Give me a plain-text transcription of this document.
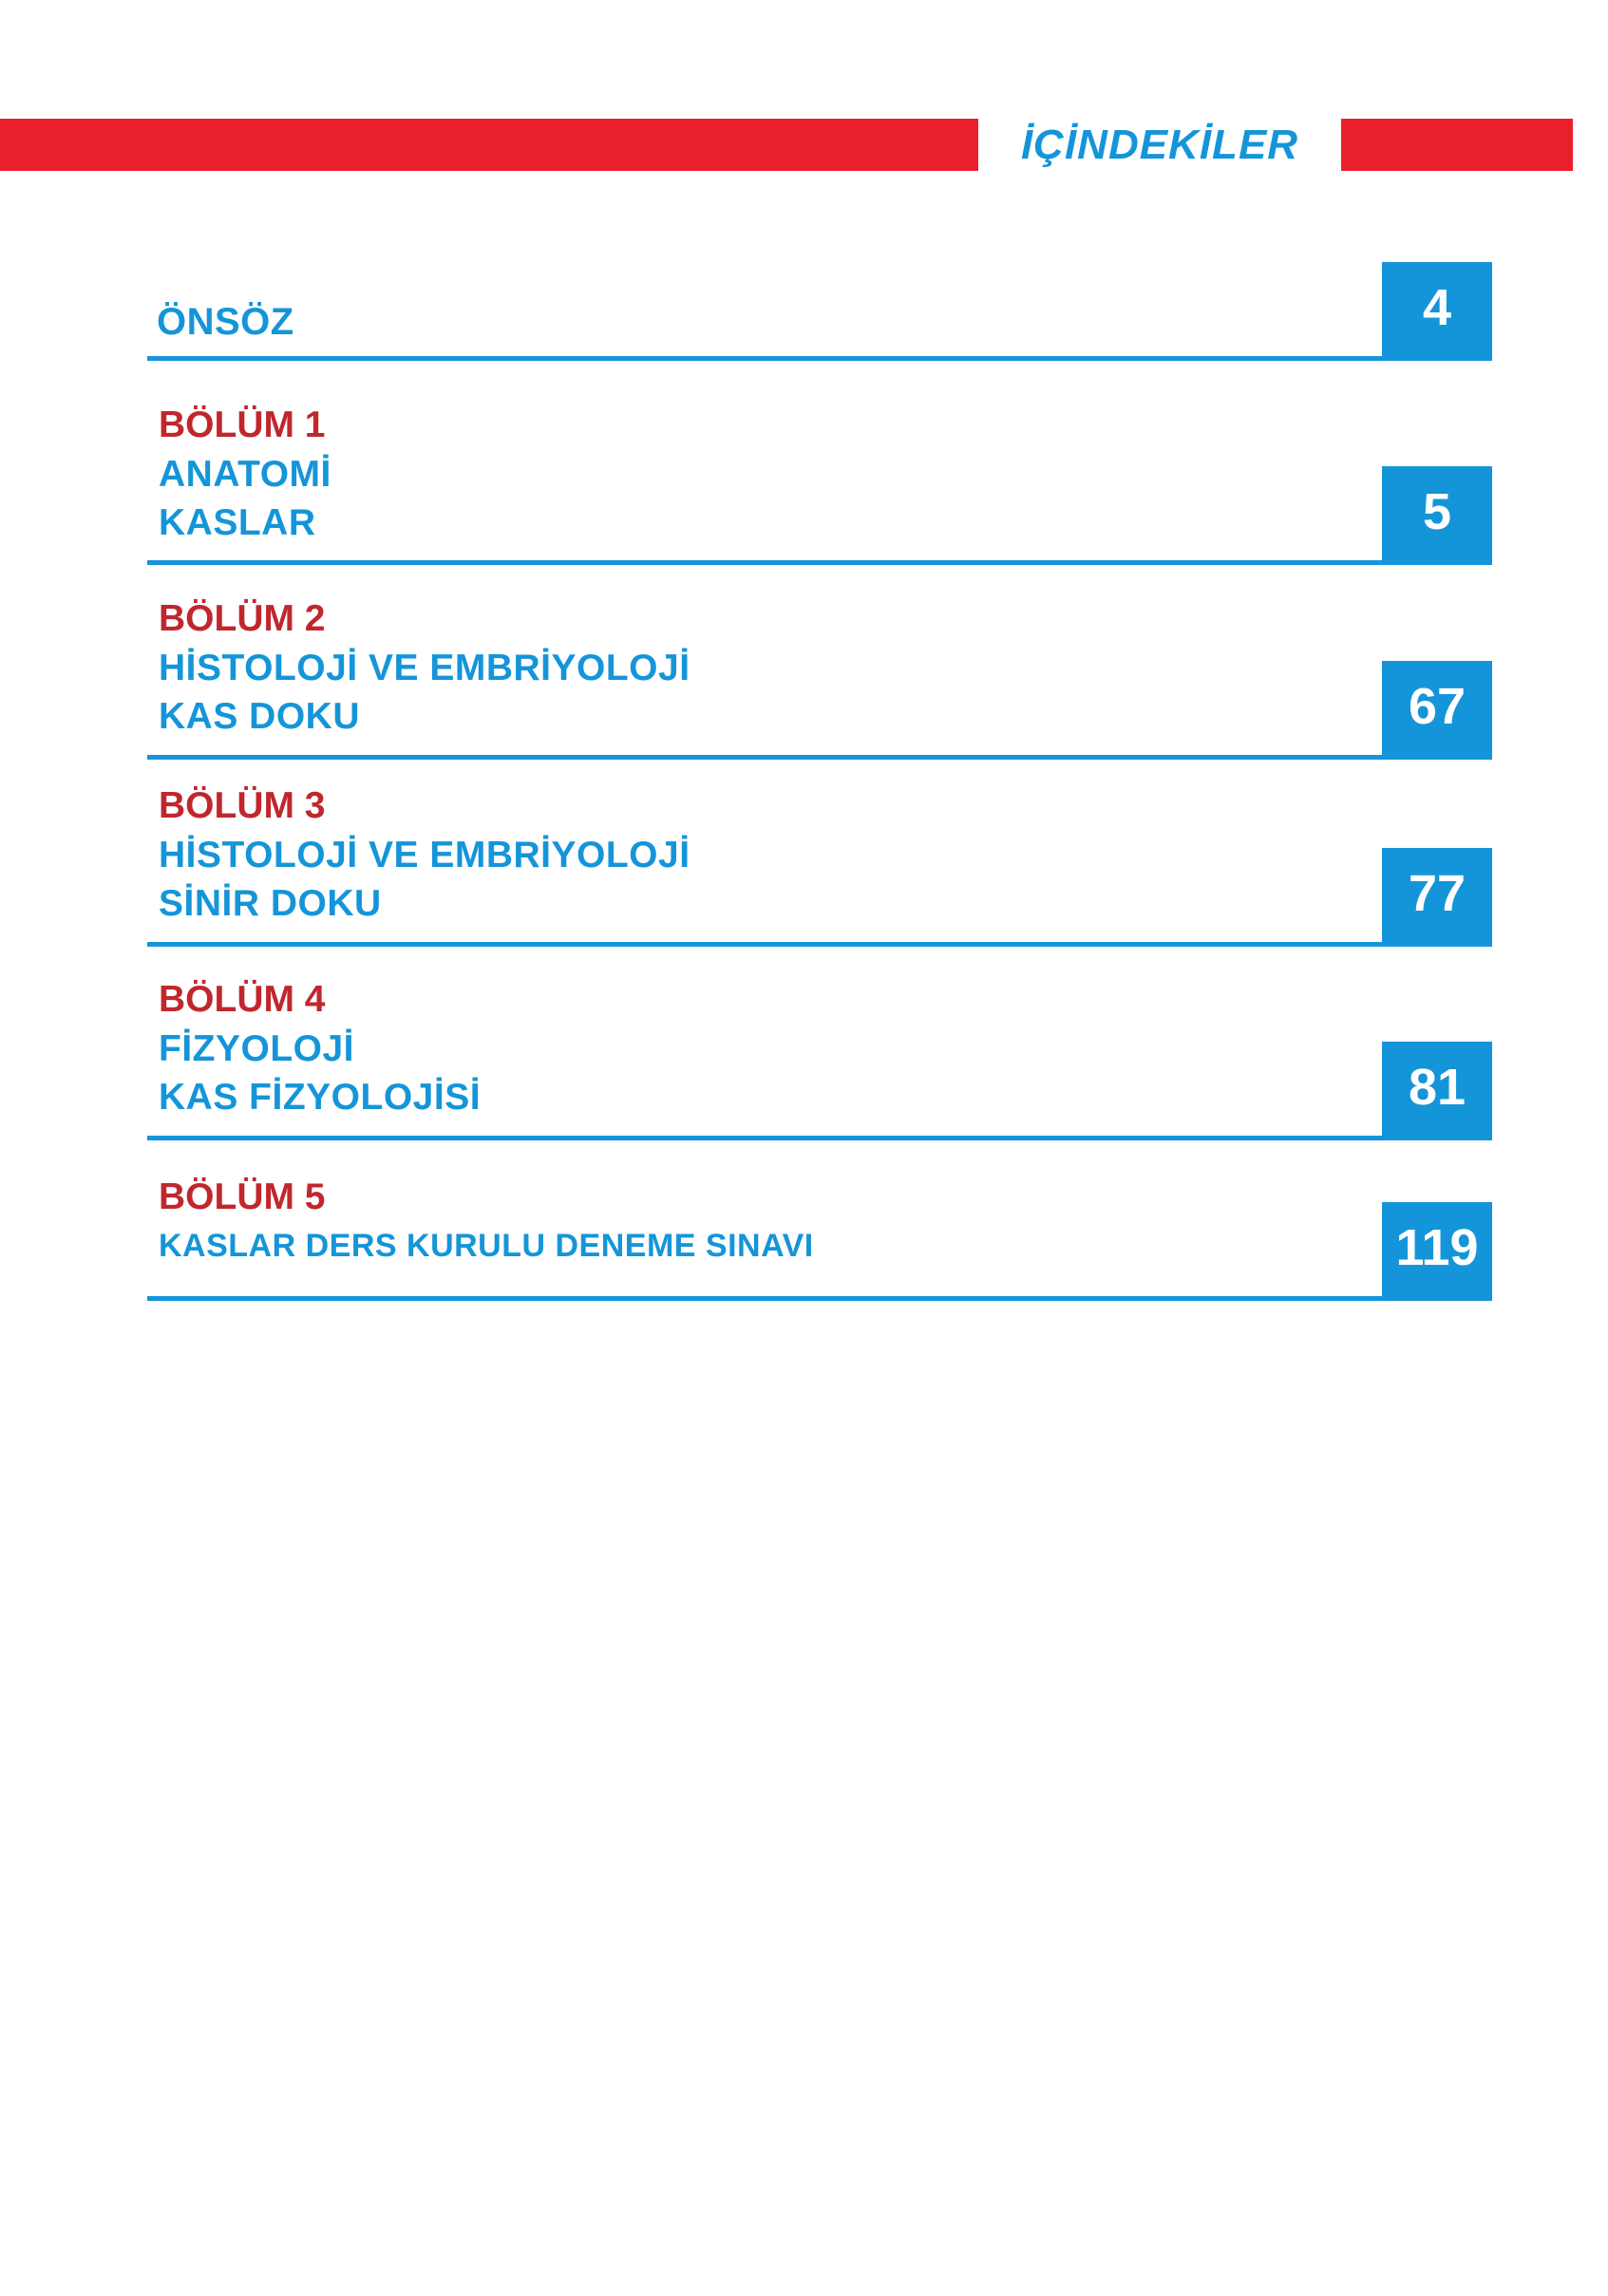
İÇİNDEKİLER
ÖNSÖZ	4
BÖLÜM 1
ANATOMİ
KASLAR	5
BÖLÜM 2
HİSTOLOJİ VE EMBRİYOLOJİ
KAS DOKU	67
BÖLÜM 3
HİSTOLOJİ VE EMBRİYOLOJİ
SİNİR DOKU	77
BÖLÜM 4
FİZYOLOJİ
KAS FİZYOLOJİSİ	81
BÖLÜM 5
KASLAR DERS KURULU DENEME SINAVI	119
